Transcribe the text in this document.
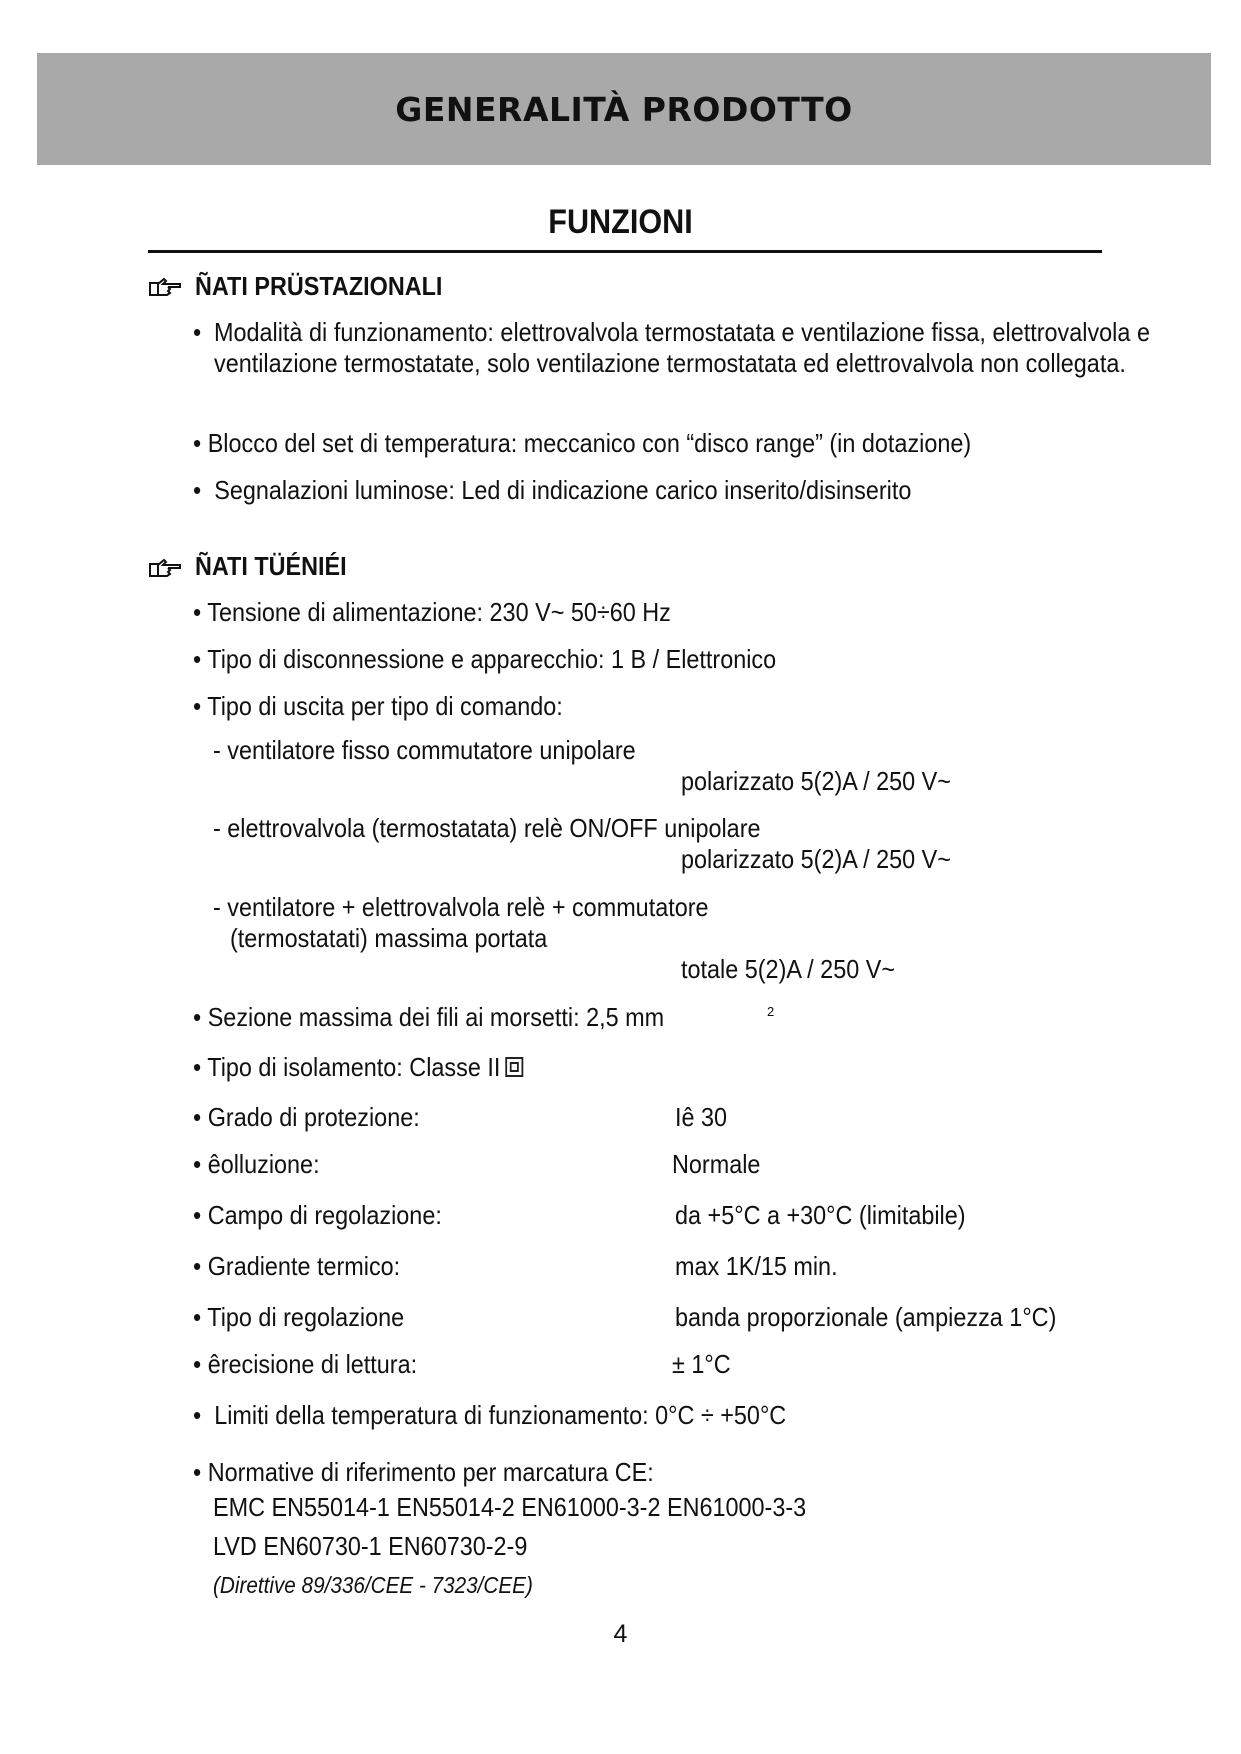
GENERALITÀ PRODOTTO
FUNZIONI
ÑATI PRÜSTAZIONALI
• Modalità di funzionamento: elettrovalvola termostatata e ventilazione fissa, elettrovalvola e ventilazione termostatate, solo ventilazione termostatata ed elettrovalvola non collegata.
• Blocco del set di temperatura: meccanico con “disco range” (in dotazione)
•  Segnalazioni luminose: Led di indicazione carico inserito/disinserito
ÑATI TÜÉNIÉI
• Tensione di alimentazione: 230 V~ 50÷60 Hz
• Tipo di disconnessione e apparecchio: 1 B / Elettronico
• Tipo di uscita per tipo di comando:
- ventilatore fisso commutatore unipolare
polarizzato 5(2)A / 250 V~
- elettrovalvola (termostatata) relè ON/OFF unipolare
polarizzato 5(2)A / 250 V~
- ventilatore + elettrovalvola relè + commutatore
(termostatati) massima portata
totale 5(2)A / 250 V~
• Sezione massima dei fili ai morsetti: 2,5 mm	2
• Tipo di isolamento: Classe II
• Grado di protezione:	Iê 30
• êolluzione:	Normale
• Campo di regolazione:	da +5°C a +30°C (limitabile)
• Gradiente termico:	max 1K/15 min.
• Tipo di regolazione	banda proporzionale (ampiezza 1°C)
• êrecisione di lettura:	± 1°C
•  Limiti della temperatura di funzionamento: 0°C ÷ +50°C
• Normative di riferimento per marcatura CE:
EMC EN55014-1 EN55014-2 EN61000-3-2 EN61000-3-3
LVD EN60730-1 EN60730-2-9
(Direttive 89/336/CEE - 7323/CEE)
4
